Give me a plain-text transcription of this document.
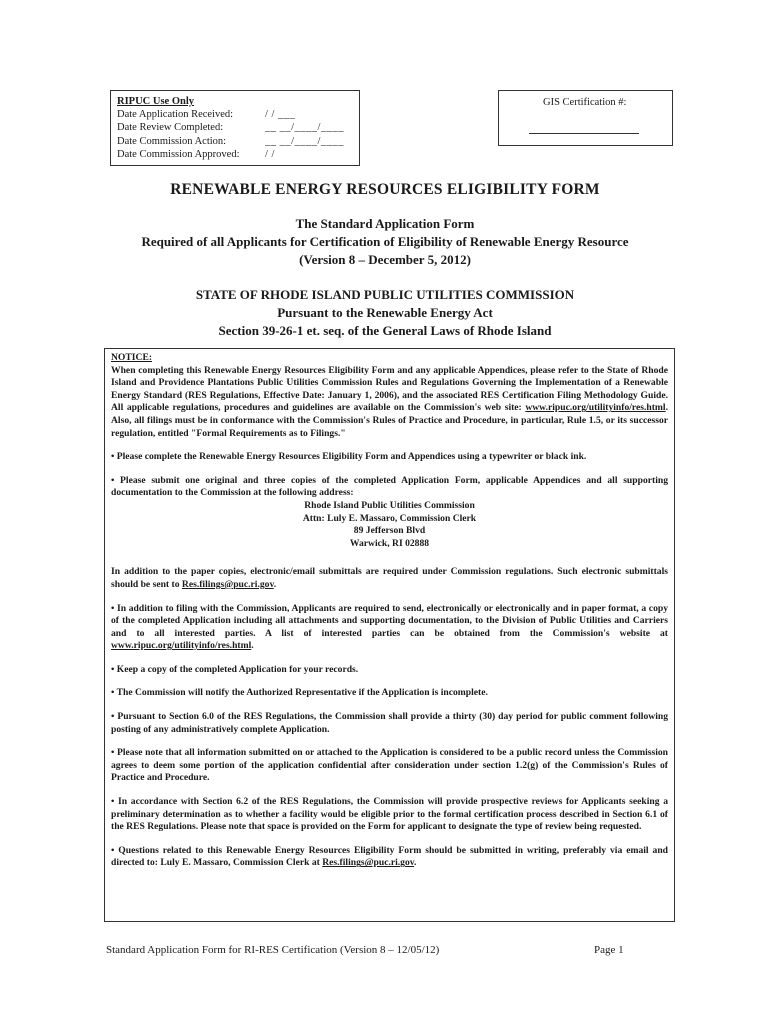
RIPUC Use Only
Date Application Received:	/ / ___
Date Review Completed:	__ __/____/____
Date Commission Action:	__ __/____/____
Date Commission Approved:	/ /
GIS Certification #:
RENEWABLE ENERGY RESOURCES ELIGIBILITY FORM
The Standard Application Form
Required of all Applicants for Certification of Eligibility of Renewable Energy Resource
(Version 8 – December 5, 2012)
STATE OF RHODE ISLAND PUBLIC UTILITIES COMMISSION
Pursuant to the Renewable Energy Act
Section 39-26-1 et. seq. of the General Laws of Rhode Island
NOTICE:

When completing this Renewable Energy Resources Eligibility Form and any applicable Appendices, please refer to the State of Rhode Island and Providence Plantations Public Utilities Commission Rules and Regulations Governing the Implementation of a Renewable Energy Standard (RES Regulations, Effective Date: January 1, 2006), and the associated RES Certification Filing Methodology Guide. All applicable regulations, procedures and guidelines are available on the Commission's web site: www.ripuc.org/utilityinfo/res.html. Also, all filings must be in conformance with the Commission's Rules of Practice and Procedure, in particular, Rule 1.5, or its successor regulation, entitled "Formal Requirements as to Filings."

• Please complete the Renewable Energy Resources Eligibility Form and Appendices using a typewriter or black ink.

• Please submit one original and three copies of the completed Application Form, applicable Appendices and all supporting documentation to the Commission at the following address:

Rhode Island Public Utilities Commission
Attn: Luly E. Massaro, Commission Clerk
89 Jefferson Blvd
Warwick, RI 02888

In addition to the paper copies, electronic/email submittals are required under Commission regulations. Such electronic submittals should be sent to Res.filings@puc.ri.gov.

• In addition to filing with the Commission, Applicants are required to send, electronically or electronically and in paper format, a copy of the completed Application including all attachments and supporting documentation, to the Division of Public Utilities and Carriers and to all interested parties. A list of interested parties can be obtained from the Commission's website at www.ripuc.org/utilityinfo/res.html.

• Keep a copy of the completed Application for your records.

• The Commission will notify the Authorized Representative if the Application is incomplete.

• Pursuant to Section 6.0 of the RES Regulations, the Commission shall provide a thirty (30) day period for public comment following posting of any administratively complete Application.

• Please note that all information submitted on or attached to the Application is considered to be a public record unless the Commission agrees to deem some portion of the application confidential after consideration under section 1.2(g) of the Commission's Rules of Practice and Procedure.

• In accordance with Section 6.2 of the RES Regulations, the Commission will provide prospective reviews for Applicants seeking a preliminary determination as to whether a facility would be eligible prior to the formal certification process described in Section 6.1 of the RES Regulations. Please note that space is provided on the Form for applicant to designate the type of review being requested.

• Questions related to this Renewable Energy Resources Eligibility Form should be submitted in writing, preferably via email and directed to: Luly E. Massaro, Commission Clerk at Res.filings@puc.ri.gov.

Standard Application Form for RI-RES Certification (Version 8 – 12/05/12)	Page 1
